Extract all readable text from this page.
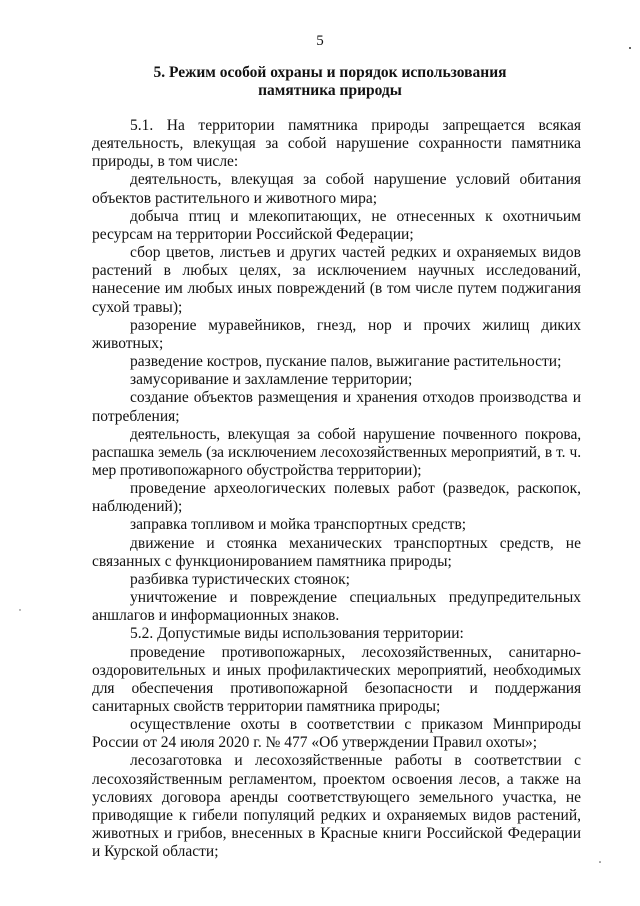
5
5. Режим особой охраны и порядок использования
памятника природы

5.1. На территории памятника природы запрещается всякая деятельность, влекущая за собой нарушение сохранности памятника природы, в том числе:

деятельность, влекущая за собой нарушение условий обитания объектов растительного и животного мира;

добыча птиц и млекопитающих, не отнесенных к охотничьим ресурсам на территории Российской Федерации;

сбор цветов, листьев и других частей редких и охраняемых видов растений в любых целях, за исключением научных исследований, нанесение им любых иных повреждений (в том числе путем поджигания сухой травы);

разорение муравейников, гнезд, нор и прочих жилищ диких животных;

разведение костров, пускание палов, выжигание растительности;

замусоривание и захламление территории;

создание объектов размещения и хранения отходов производства и потребления;

деятельность, влекущая за собой нарушение почвенного покрова, распашка земель (за исключением лесохозяйственных мероприятий, в т. ч. мер противопожарного обустройства территории);

проведение археологических полевых работ (разведок, раскопок, наблюдений);

заправка топливом и мойка транспортных средств;

движение и стоянка механических транспортных средств, не связанных с функционированием памятника природы;

разбивка туристических стоянок;

уничтожение и повреждение специальных предупредительных аншлагов и информационных знаков.

5.2. Допустимые виды использования территории:

проведение противопожарных, лесохозяйственных, санитарно-оздоровительных и иных профилактических мероприятий, необходимых для обеспечения противопожарной безопасности и поддержания санитарных свойств территории памятника природы;

осуществление охоты в соответствии с приказом Минприроды России от 24 июля 2020 г. № 477 «Об утверждении Правил охоты»;

лесозаготовка и лесохозяйственные работы в соответствии с лесохозяйственным регламентом, проектом освоения лесов, а также на условиях договора аренды соответствующего земельного участка, не приводящие к гибели популяций редких и охраняемых видов растений, животных и грибов, внесенных в Красные книги Российской Федерации и Курской области;
